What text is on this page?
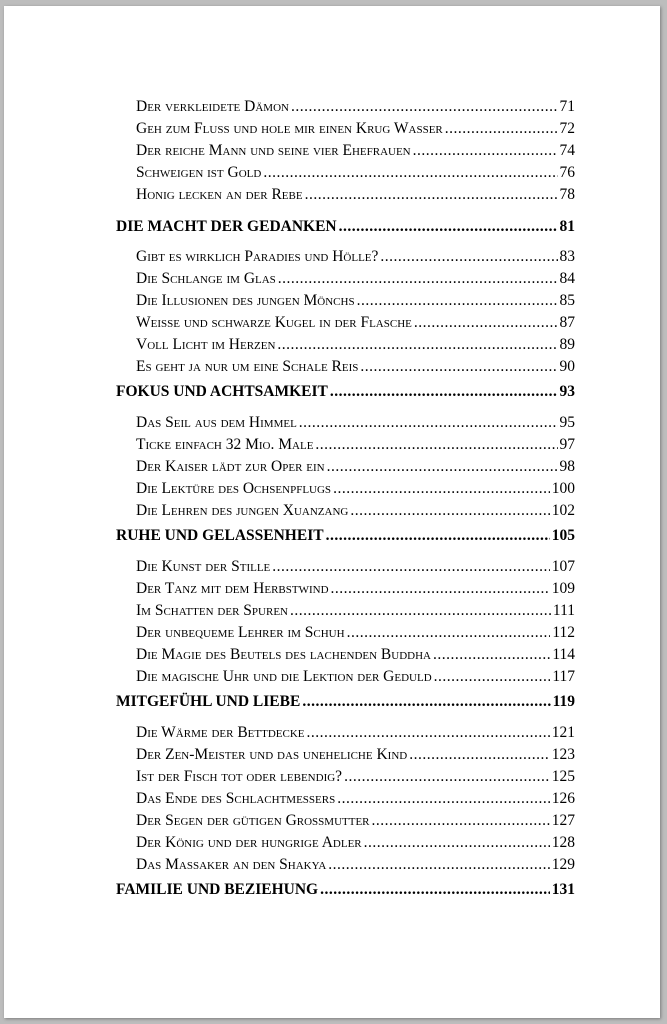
Der verkleidete Dämon .....	71
Geh zum Fluss und hole mir einen Krug Wasser .....	72
Der reiche Mann und seine vier Ehefrauen .....	74
Schweigen ist Gold .....	76
Honig lecken an der Rebe .....	78
DIE MACHT DER GEDANKEN .....	81
Gibt es wirklich Paradies und Hölle? .....	83
Die Schlange im Glas .....	84
Die Illusionen des jungen Mönchs .....	85
Weiße und schwarze Kugel in der Flasche .....	87
Voll Licht im Herzen .....	89
Es geht ja nur um eine Schale Reis .....	90
FOKUS UND ACHTSAMKEIT .....	93
Das Seil aus dem Himmel .....	95
Ticke einfach 32 Mio. Male .....	97
Der Kaiser lädt zur Oper ein .....	98
Die Lektüre des Ochsenpflugs .....	100
Die Lehren des jungen Xuanzang .....	102
RUHE UND GELASSENHEIT .....	105
Die Kunst der Stille .....	107
Der Tanz mit dem Herbstwind .....	109
Im Schatten der Spuren .....	111
Der unbequeme Lehrer im Schuh .....	112
Die Magie des Beutels des lachenden Buddha .....	114
Die magische Uhr und die Lektion der Geduld .....	117
MITGEFÜHL UND LIEBE .....	119
Die Wärme der Bettdecke .....	121
Der Zen-Meister und das uneheliche Kind .....	123
Ist der Fisch tot oder lebendig? .....	125
Das Ende des Schlachtmessers .....	126
Der Segen der gütigen Großmutter .....	127
Der König und der hungrige Adler .....	128
Das Massaker an den Shakya .....	129
FAMILIE UND BEZIEHUNG .....	131
